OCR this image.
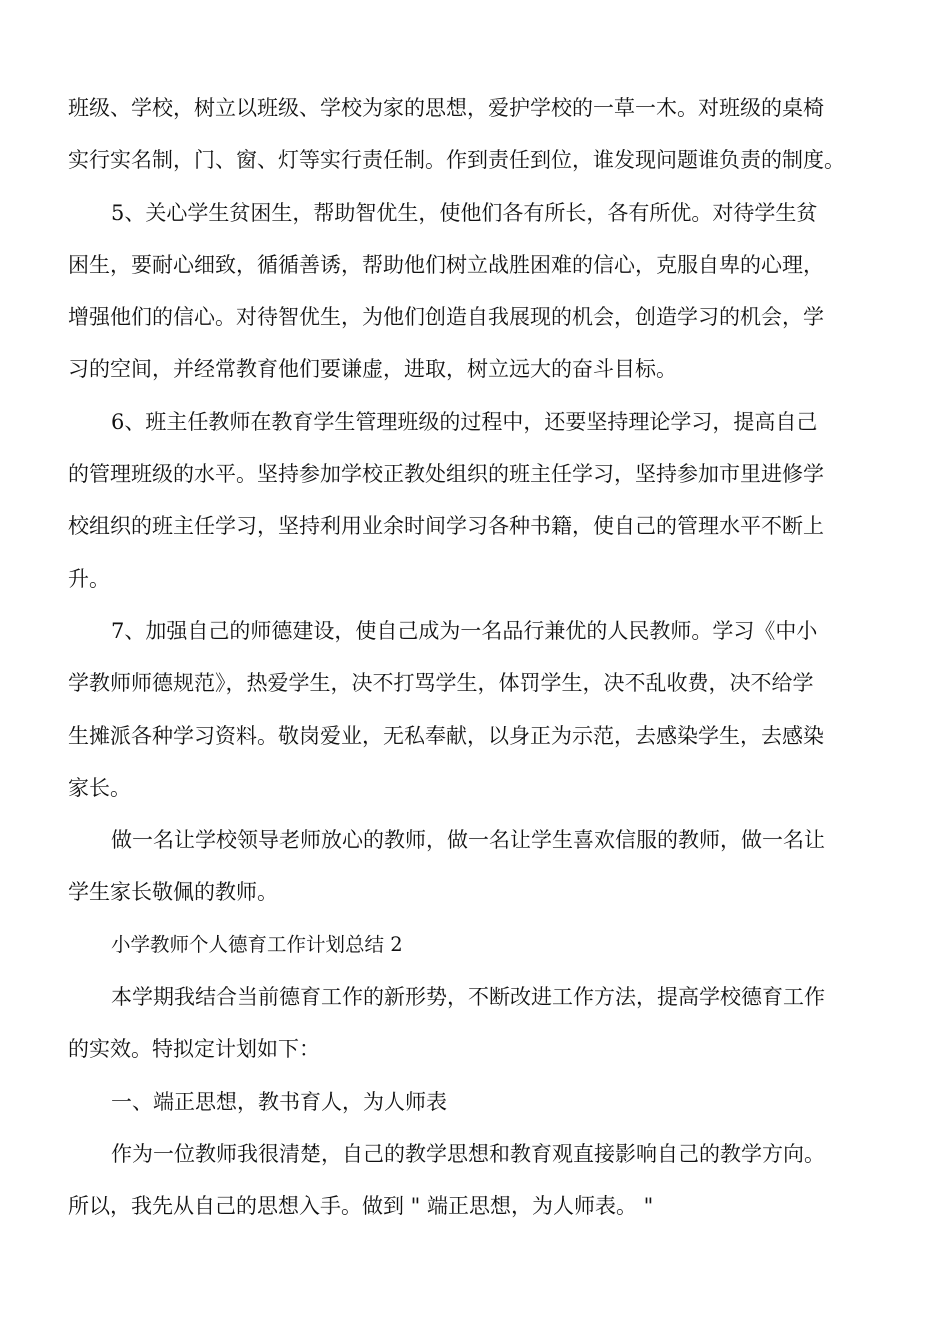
班级、学校，树立以班级、学校为家的思想，爱护学校的一草一木。对班级的桌椅
实行实名制，门、窗、灯等实行责任制。作到责任到位，谁发现问题谁负责的制度。
5、关心学生贫困生，帮助智优生，使他们各有所长，各有所优。对待学生贫
困生，要耐心细致，循循善诱，帮助他们树立战胜困难的信心，克服自卑的心理，
增强他们的信心。对待智优生，为他们创造自我展现的机会，创造学习的机会，学
习的空间，并经常教育他们要谦虚，进取，树立远大的奋斗目标。
6、班主任教师在教育学生管理班级的过程中，还要坚持理论学习，提高自己
的管理班级的水平。坚持参加学校正教处组织的班主任学习，坚持参加市里进修学
校组织的班主任学习，坚持利用业余时间学习各种书籍，使自己的管理水平不断上
升。
7、加强自己的师德建设，使自己成为一名品行兼优的人民教师。学习《中小
学教师师德规范》，热爱学生，决不打骂学生，体罚学生，决不乱收费，决不给学
生摊派各种学习资料。敬岗爱业，无私奉献，以身正为示范，去感染学生，去感染
家长。
做一名让学校领导老师放心的教师，做一名让学生喜欢信服的教师，做一名让
学生家长敬佩的教师。
小学教师个人德育工作计划总结 2
本学期我结合当前德育工作的新形势，不断改进工作方法，提高学校德育工作
的实效。特拟定计划如下：
一、端正思想，教书育人，为人师表
作为一位教师我很清楚，自己的教学思想和教育观直接影响自己的教学方向。
所以，我先从自己的思想入手。做到 " 端正思想，为人师表。 "
